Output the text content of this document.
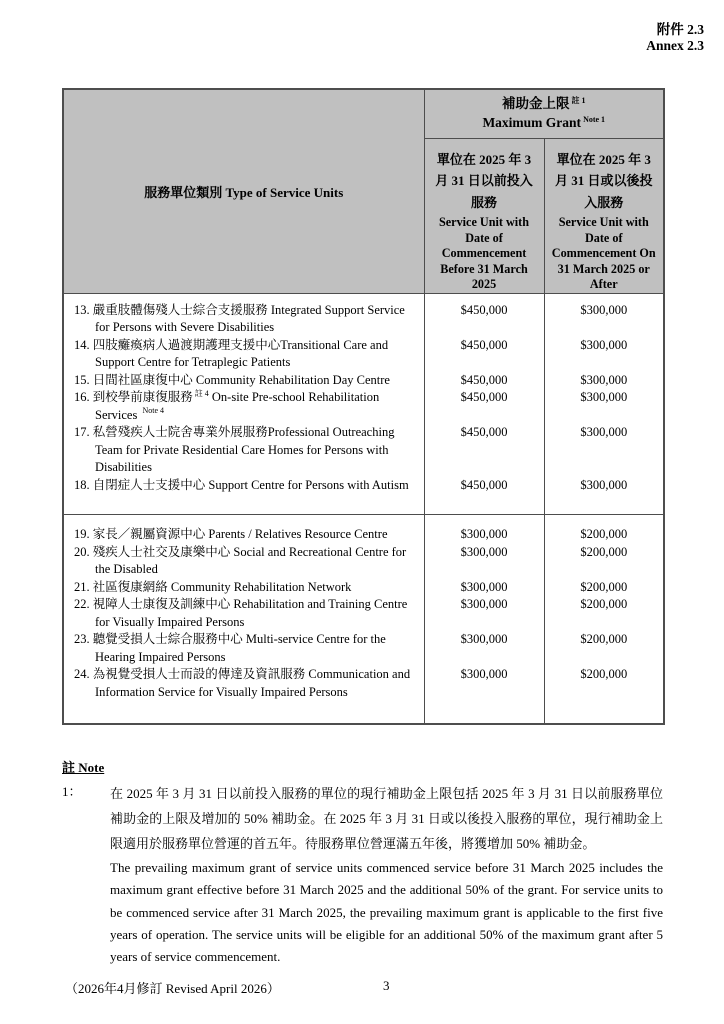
附件 2.3
Annex 2.3
服務單位類別 Type of Service Units	補助金上限 $^{註 1}$
Maximum Grant $^{Note 1}$

單位在 2025 年 3 月 31 日以前投入服務
Service Unit with Date of Commencement Before 31 March 2025

單位在 2025 年 3 月 31 日或以後投入服務
Service Unit with Date of Commencement On 31 March 2025 or After

13. 嚴重肢體傷殘人士綜合支援服務 Integrated Support Service for Persons with Severe Disabilities	$450,000	$300,000

14. 四肢癱瘓病人過渡期護理支援中心Transitional Care and Support Centre for Tetraplegic Patients	$450,000	$300,000

15. 日間社區康復中心 Community Rehabilitation Day Centre	$450,000	$300,000

16. 到校學前康復服務 $^{註 4}$ On-site Pre-school Rehabilitation Services $^{Note 4}$	$450,000	$300,000

17. 私營殘疾人士院舍專業外展服務Professional Outreaching Team for Private Residential Care Homes for Persons with Disabilities	$450,000	$300,000

18. 自閉症人士支援中心 Support Centre for Persons with Autism	$450,000	$300,000

19. 家長／親屬資源中心 Parents / Relatives Resource Centre	$300,000	$200,000

20. 殘疾人士社交及康樂中心 Social and Recreational Centre for the Disabled	$300,000	$200,000

21. 社區復康網絡 Community Rehabilitation Network	$300,000	$200,000

22. 視障人士康復及訓練中心 Rehabilitation and Training Centre for Visually Impaired Persons	$300,000	$200,000

23. 聽覺受損人士綜合服務中心 Multi-service Centre for the Hearing Impaired Persons	$300,000	$200,000

24. 為視覺受損人士而設的傳達及資訊服務 Communication and Information Service for Visually Impaired Persons	$300,000	$200,000
註 Note
1：	在 2025 年 3 月 31 日以前投入服務的單位的現行補助金上限包括 2025 年 3 月 31 日以前服務單位補助金的上限及增加的 50% 補助金。在 2025 年 3 月 31 日或以後投入服務的單位，現行補助金上限適用於服務單位營運的首五年。待服務單位營運滿五年後，將獲增加 50% 補助金。
The prevailing maximum grant of service units commenced service before 31 March 2025 includes the maximum grant effective before 31 March 2025 and the additional 50% of the grant. For service units to be commenced service after 31 March 2025, the prevailing maximum grant is applicable to the first five years of operation. The service units will be eligible for an additional 50% of the maximum grant after 5 years of service commencement.
（2026年4月修訂 Revised April 2026）	3
